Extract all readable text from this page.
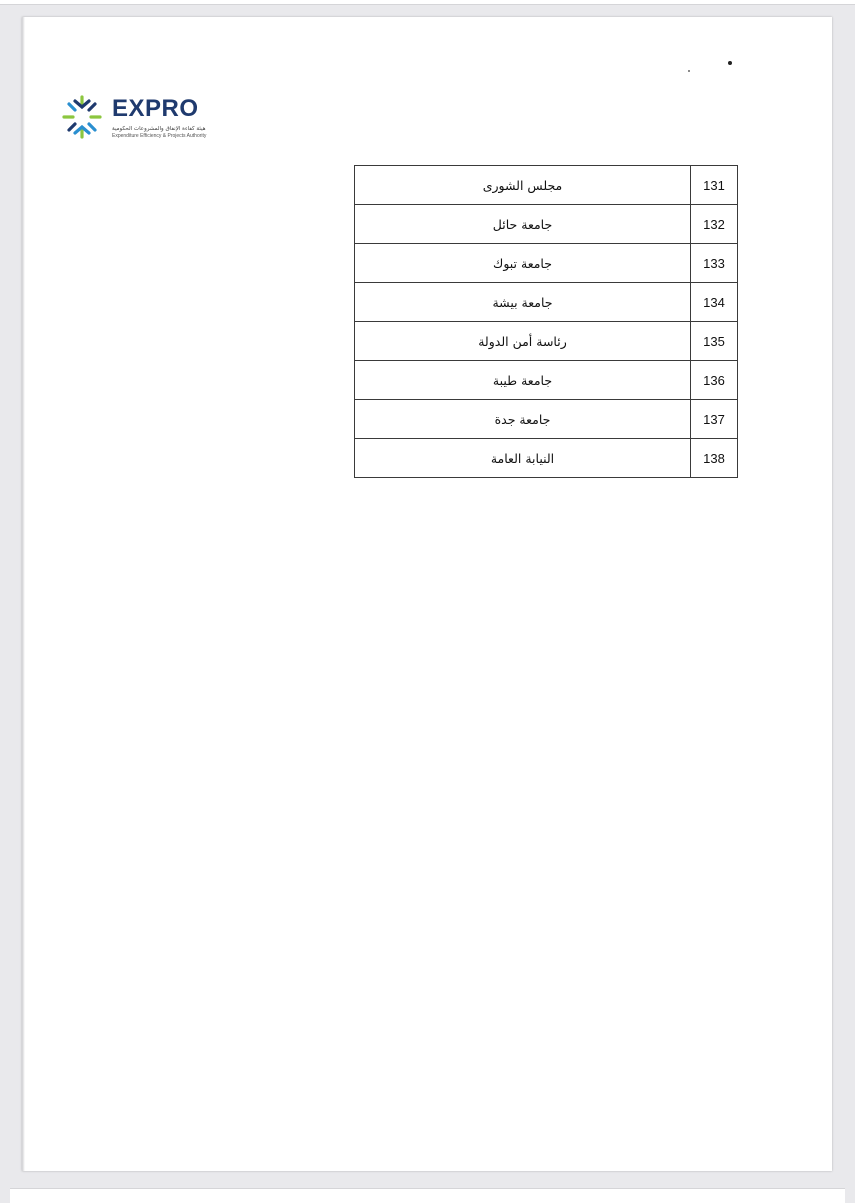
EXPRO
هيئة كفاءة الإنفاق والمشروعات الحكومية
Expenditure Efficiency & Projects Authority
131	مجلس الشورى
132	جامعة حائل
133	جامعة تبوك
134	جامعة بيشة
135	رئاسة أمن الدولة
136	جامعة طيبة
137	جامعة جدة
138	النيابة العامة
